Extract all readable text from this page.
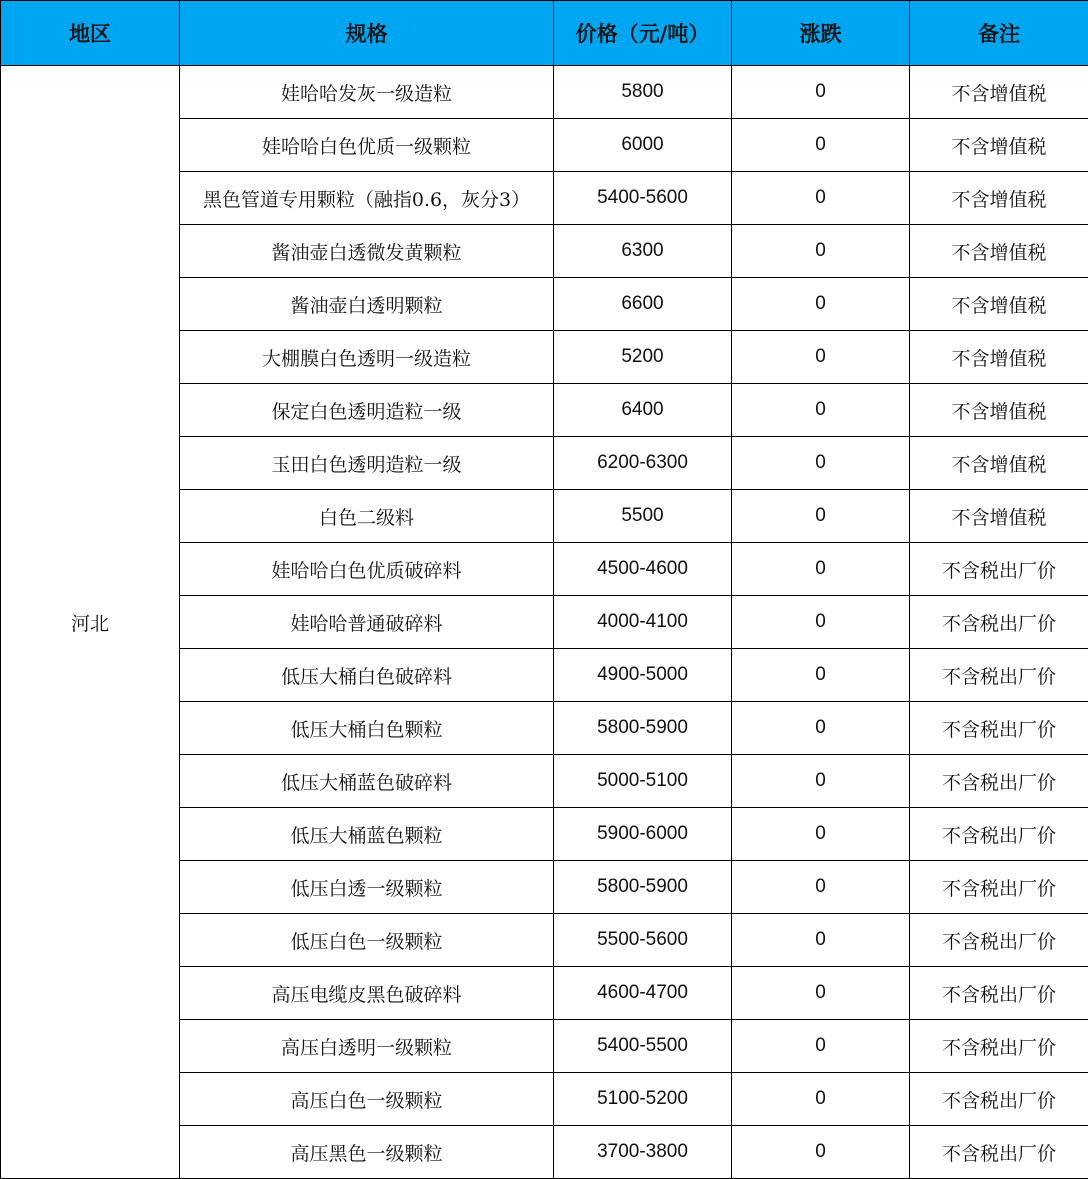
地区	规格	价格（元/吨）	涨跌	备注
河北	娃哈哈发灰一级造粒	5800	0	不含增值税
	娃哈哈白色优质一级颗粒	6000	0	不含增值税
	黑色管道专用颗粒（融指0.6，灰分3）	5400-5600	0	不含增值税
	酱油壶白透微发黄颗粒	6300	0	不含增值税
	酱油壶白透明颗粒	6600	0	不含增值税
	大棚膜白色透明一级造粒	5200	0	不含增值税
	保定白色透明造粒一级	6400	0	不含增值税
	玉田白色透明造粒一级	6200-6300	0	不含增值税
	白色二级料	5500	0	不含增值税
	娃哈哈白色优质破碎料	4500-4600	0	不含税出厂价
	娃哈哈普通破碎料	4000-4100	0	不含税出厂价
	低压大桶白色破碎料	4900-5000	0	不含税出厂价
	低压大桶白色颗粒	5800-5900	0	不含税出厂价
	低压大桶蓝色破碎料	5000-5100	0	不含税出厂价
	低压大桶蓝色颗粒	5900-6000	0	不含税出厂价
	低压白透一级颗粒	5800-5900	0	不含税出厂价
	低压白色一级颗粒	5500-5600	0	不含税出厂价
	高压电缆皮黑色破碎料	4600-4700	0	不含税出厂价
	高压白透明一级颗粒	5400-5500	0	不含税出厂价
	高压白色一级颗粒	5100-5200	0	不含税出厂价
	高压黑色一级颗粒	3700-3800	0	不含税出厂价
